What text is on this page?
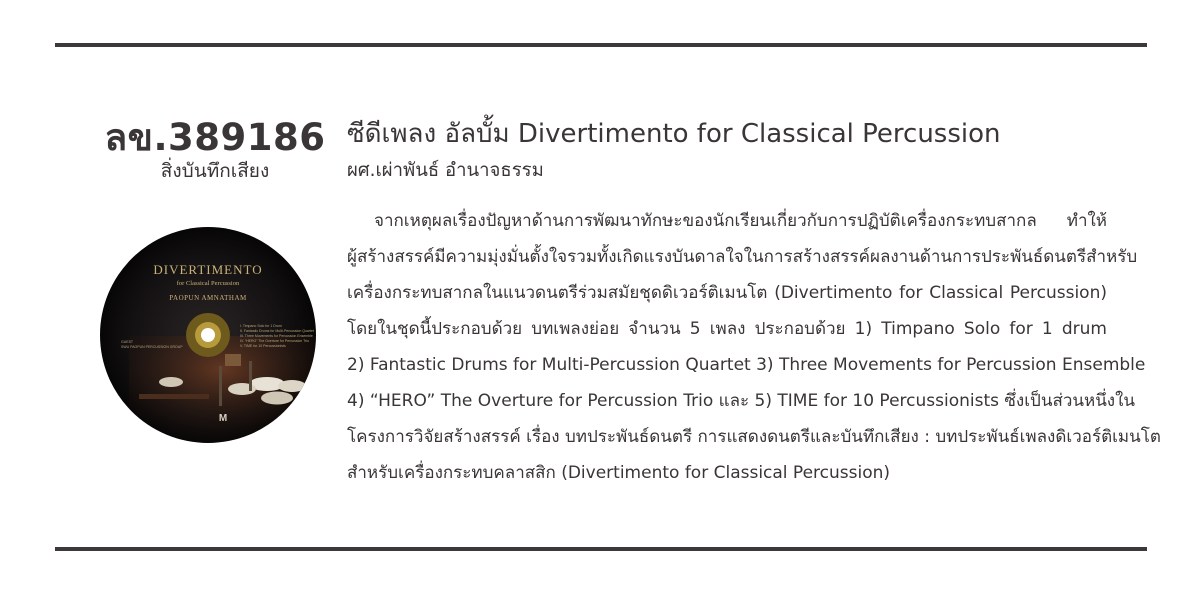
ลข.389186
สิ่งบันทึกเสียง
DIVERTIMENTO
for Classical Percussion
PAOPUN AMNATHAM
GUEST
SWU PAOPUN PERCUSSION GROUP
I. Timpano Solo for 1 Drum
II. Fantastic Drums for Multi-Percussion Quartet
III. Three Movements for Percussion Ensemble
IV. “HERO” The Overture for Percussion Trio
V. TIME for 10 Percussionists
M
ซีดีเพลง อัลบั้ม Divertimento for Classical Percussion
ผศ.เผ่าพันธ์ อำนาจธรรม
จากเหตุผลเรื่องปัญหาด้านการพัฒนาทักษะของนักเรียนเกี่ยวกับการปฏิบัติเครื่องกระทบสากล ทำให้
ผู้สร้างสรรค์มีความมุ่งมั่นตั้งใจรวมทั้งเกิดแรงบันดาลใจในการสร้างสรรค์ผลงานด้านการประพันธ์ดนตรีสำหรับ
เครื่องกระทบสากลในแนวดนตรีร่วมสมัยชุดดิเวอร์ติเมนโต (Divertimento for Classical Percussion)
โดยในชุดนี้ประกอบด้วย บทเพลงย่อย จำนวน 5 เพลง ประกอบด้วย 1) Timpano Solo for 1 drum
2) Fantastic Drums for Multi-Percussion Quartet 3) Three Movements for Percussion Ensemble
4) “HERO” The Overture for Percussion Trio และ 5) TIME for 10 Percussionists ซึ่งเป็นส่วนหนึ่งใน
โครงการวิจัยสร้างสรรค์ เรื่อง บทประพันธ์ดนตรี การแสดงดนตรีและบันทึกเสียง : บทประพันธ์เพลงดิเวอร์ติเมนโต
สำหรับเครื่องกระทบคลาสสิก (Divertimento for Classical Percussion)
